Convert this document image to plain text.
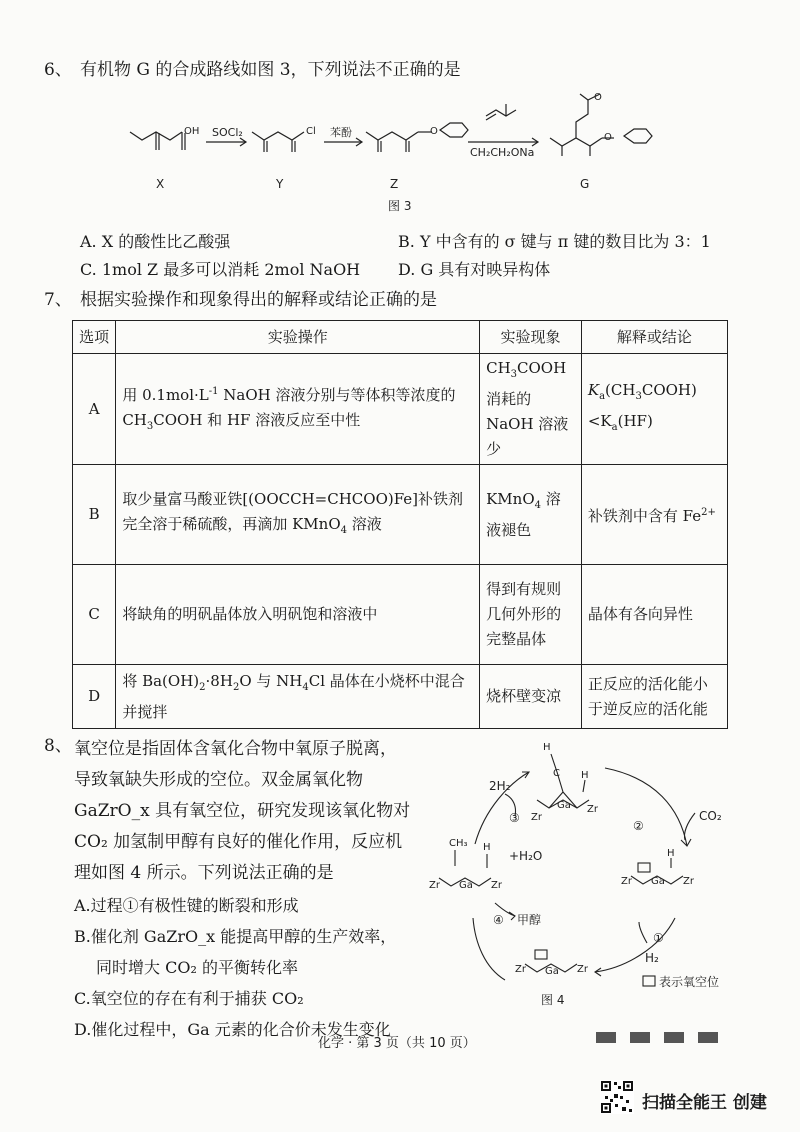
6、 有机物 G 的合成路线如图 3，下列说法不正确的是
OH	Cl	O
O
O
SOCl₂	苯酚
CH₂CH₂ONa
X	Y	Z	G
图 3
A. X 的酸性比乙酸强	B. Y 中含有的 σ 键与 π 键的数目比为 3：1
C. 1mol Z 最多可以消耗 2mol NaOH D. G 具有对映异构体
7、 根据实验操作和现象得出的解释或结论正确的是
选项	实验操作	实验现象	解释或结论
A	用 $0.1mol\cdot L^{-1}$ NaOH 溶液分别与等体积等浓度的 $CH_3COOH$ 和 HF 溶液反应至中性	$CH_3COOH$ 消耗的 NaOH 溶液少	$K_a(CH_3COOH)<K_a(HF)$
B	取少量富马酸亚铁[(OOCCH=CHCOO)Fe]补铁剂完全溶于稀硫酸，再滴加 KMnO$_4$ 溶液	KMnO$_4$ 溶液褪色	补铁剂中含有 $Fe^{2+}$
C	将缺角的明矾晶体放入明矾饱和溶液中	得到有规则几何外形的完整晶体	晶体有各向异性
D	将 $Ba(OH)_2\cdot 8H_2O$ 与 $NH_4Cl$ 晶体在小烧杯中混合并搅拌	烧杯壁变凉	正反应的活化能小于逆反应的活化能
8、 氧空位是指固体含氧化合物中氧原子脱离，
导致氧缺失形成的空位。双金属氧化物
GaZrO_x 具有氧空位，研究发现该氧化物对
CO₂ 加氢制甲醇有良好的催化作用，反应机
理如图 4 所示。下列说法正确的是
A.过程①有极性键的断裂和形成
B.催化剂 GaZrO_x 能提高甲醇的生产效率，
同时增大 CO₂ 的平衡转化率
C.氧空位的存在有利于捕获 CO₂
D.催化过程中，Ga 元素的化合价未发生变化
Zr
Zr
Ga
H
C H
Zr	Zr
Ga
H
Zr	Zr
Ga
CH₃ H
Zr	Zr
Ga
①
②
③
④
H₂
CO₂
2H₂
+H₂O
甲醇
表示氧空位
图 4
化学 · 第 3 页（共 10 页）
扫描全能王 创建
